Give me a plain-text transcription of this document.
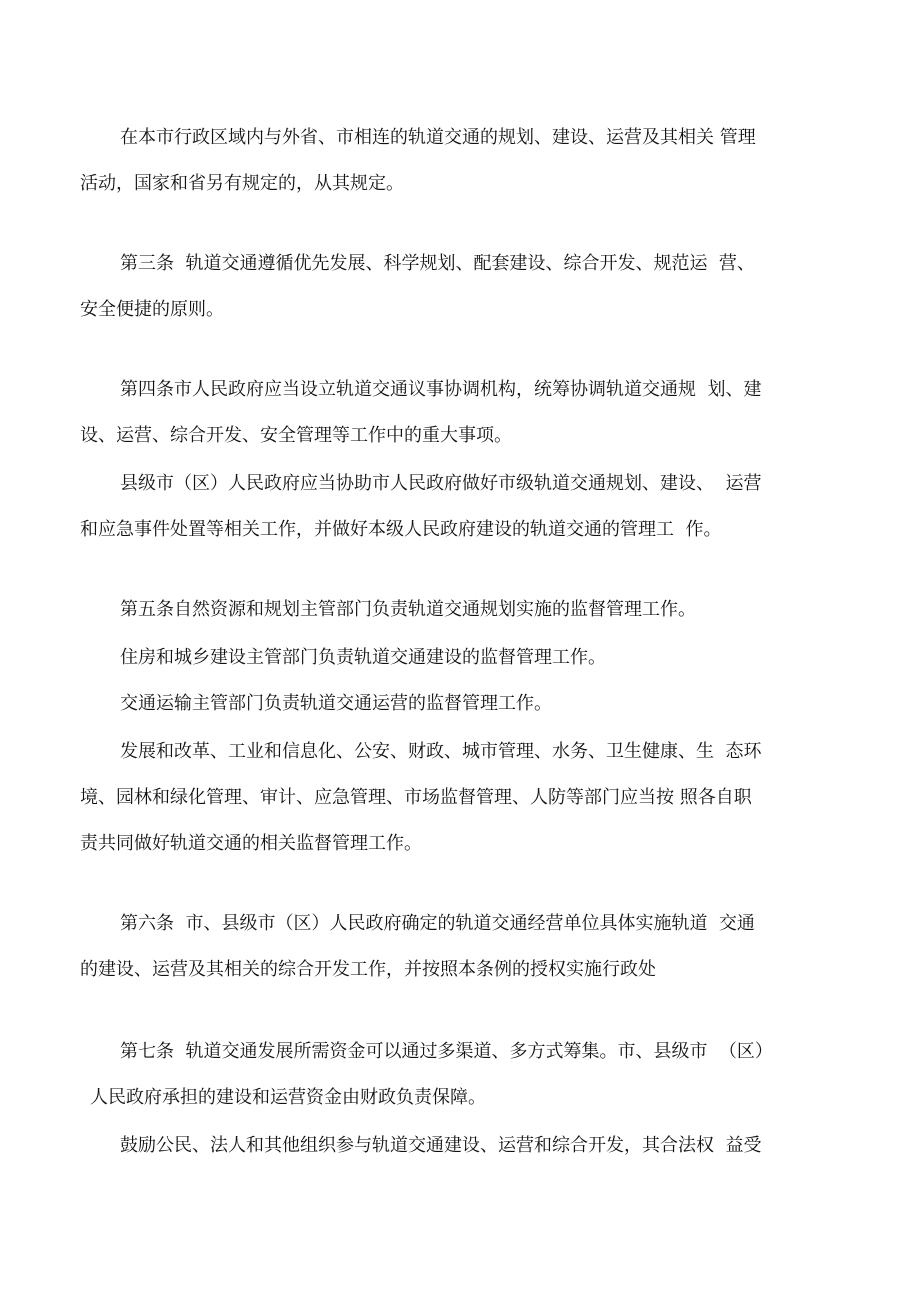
在本市行政区域内与外省、市相连的轨道交通的规划、建设、运营及其相关 管理
活动，国家和省另有规定的，从其规定。
第三条  轨道交通遵循优先发展、科学规划、配套建设、综合开发、规范运  营、
安全便捷的原则。
第四条市人民政府应当设立轨道交通议事协调机构，统筹协调轨道交通规  划、建
设、运营、综合开发、安全管理等工作中的重大事项。
县级市（区）人民政府应当协助市人民政府做好市级轨道交通规划、建设、  运营
和应急事件处置等相关工作，并做好本级人民政府建设的轨道交通的管理工  作。
第五条自然资源和规划主管部门负责轨道交通规划实施的监督管理工作。
住房和城乡建设主管部门负责轨道交通建设的监督管理工作。
交通运输主管部门负责轨道交通运营的监督管理工作。
发展和改革、工业和信息化、公安、财政、城市管理、水务、卫生健康、生  态环
境、园林和绿化管理、审计、应急管理、市场监督管理、人防等部门应当按 照各自职
责共同做好轨道交通的相关监督管理工作。
第六条  市、县级市（区）人民政府确定的轨道交通经营单位具体实施轨道  交通
的建设、运营及其相关的综合开发工作，并按照本条例的授权实施行政处
第七条  轨道交通发展所需资金可以通过多渠道、多方式筹集。市、县级市  （区）
人民政府承担的建设和运营资金由财政负责保障。
鼓励公民、法人和其他组织参与轨道交通建设、运营和综合开发，其合法权  益受
